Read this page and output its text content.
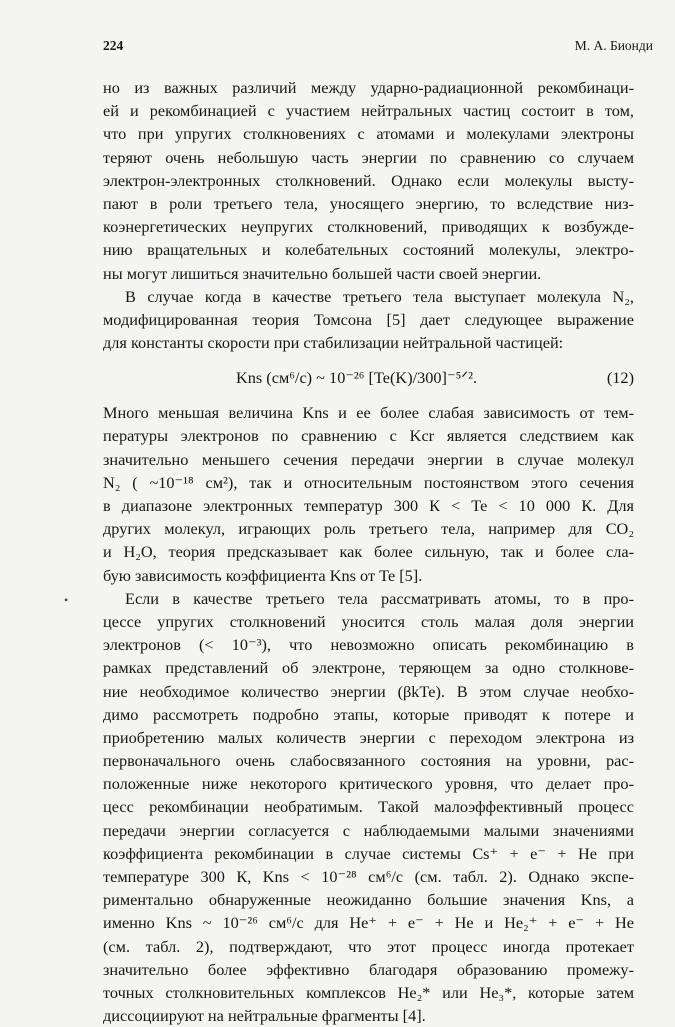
224	М. А. Бионди

но из важных различий между ударно-радиационной рекомбинаци-
ей и рекомбинацией с участием нейтральных частиц состоит в том,
что при упругих столкновениях с атомами и молекулами электроны
теряют очень небольшую часть энергии по сравнению со случаем
электрон-электронных столкновений. Однако если молекулы высту-
пают в роли третьего тела, уносящего энергию, то вследствие низ-
коэнергетических неупругих столкновений, приводящих к возбужде-
нию вращательных и колебательных состояний молекулы, электро-
ны могут лишиться значительно большей части своей энергии.

В случае когда в качестве третьего тела выступает молекула N₂,
модифицированная теория Томсона [5] дает следующее выражение
для константы скорости при стабилизации нейтральной частицей:

Kns (см⁶/с) ~ 10⁻²⁶ [Te(K)/300]⁻⁵ᐟ².	(12)

Много меньшая величина Kns и ее более слабая зависимость от тем-
пературы электронов по сравнению с Kcr является следствием как
значительно меньшего сечения передачи энергии в случае молекул
N₂ ( ~10⁻¹⁸ см²), так и относительным постоянством этого сечения
в диапазоне электронных температур 300 К < Te < 10 000 К. Для
других молекул, играющих роль третьего тела, например для CO₂
и H₂O, теория предсказывает как более сильную, так и более сла-
бую зависимость коэффициента Kns от Te [5].

Если в качестве третьего тела рассматривать атомы, то в про-
цессе упругих столкновений уносится столь малая доля энергии
электронов (< 10⁻³), что невозможно описать рекомбинацию в
рамках представлений об электроне, теряющем за одно столкнове-
ние необходимое количество энергии (βkTe). В этом случае необхо-
димо рассмотреть подробно этапы, которые приводят к потере и
приобретению малых количеств энергии с переходом электрона из
первоначального очень слабосвязанного состояния на уровни, рас-
положенные ниже некоторого критического уровня, что делает про-
цесс рекомбинации необратимым. Такой малоэффективный процесс
передачи энергии согласуется с наблюдаемыми малыми значениями
коэффициента рекомбинации в случае системы Cs⁺ + e⁻ + He при
температуре 300 К, Kns < 10⁻²⁸ см⁶/с (см. табл. 2). Однако экспе-
риментально обнаруженные неожиданно большие значения Kns, а
именно Kns ~ 10⁻²⁶ см⁶/с для He⁺ + e⁻ + He и He₂⁺ + e⁻ + He
(см. табл. 2), подтверждают, что этот процесс иногда протекает
значительно более эффективно благодаря образованию промежу-
точных столкновительных комплексов He₂* или He₃*, которые затем
диссоциируют на нейтральные фрагменты [4].

•
